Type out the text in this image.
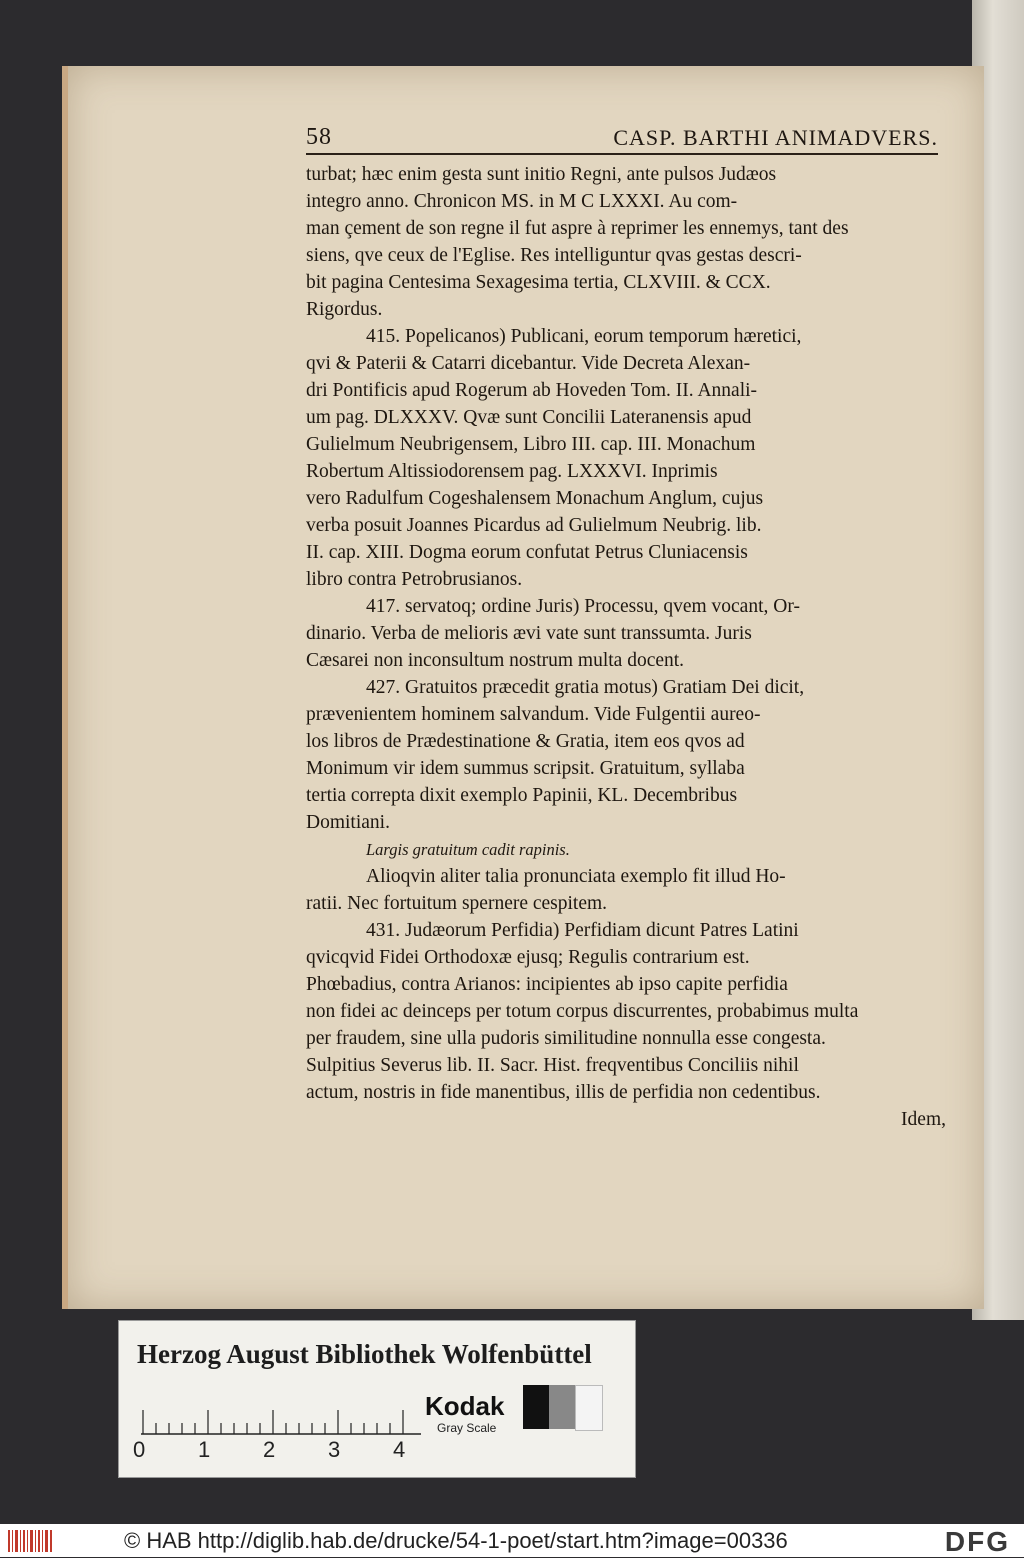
58	CASP. BARTHI ANIMADVERS.

turbat; hæc enim gesta sunt initio Regni, ante pulsos Judæos

integro anno. Chronicon MS. in M C LXXXI. Au com-

man çement de son regne il fut aspre à reprimer les ennemys, tant des

siens, qve ceux de l'Eglise. Res intelliguntur qvas gestas descri-

bit pagina Centesima Sexagesima tertia, CLXVIII. & CCX.

Rigordus.

415. Popelicanos) Publicani, eorum temporum hæretici,

qvi & Paterii & Catarri dicebantur. Vide Decreta Alexan-

dri Pontificis apud Rogerum ab Hoveden Tom. II. Annali-

um pag. DLXXXV. Qvæ sunt Concilii Lateranensis apud

Gulielmum Neubrigensem, Libro III. cap. III. Monachum

Robertum Altissiodorensem pag. LXXXVI. Inprimis

vero Radulfum Cogeshalensem Monachum Anglum, cujus

verba posuit Joannes Picardus ad Gulielmum Neubrig. lib.

II. cap. XIII. Dogma eorum confutat Petrus Cluniacensis

libro contra Petrobrusianos.

417. servatoq; ordine Juris) Processu, qvem vocant, Or-

dinario. Verba de melioris ævi vate sunt transsumta. Juris

Cæsarei non inconsultum nostrum multa docent.

427. Gratuitos præcedit gratia motus) Gratiam Dei dicit,

prævenientem hominem salvandum. Vide Fulgentii aureo-

los libros de Prædestinatione & Gratia, item eos qvos ad

Monimum vir idem summus scripsit. Gratuitum, syllaba

tertia correpta dixit exemplo Papinii, KL. Decembribus

Domitiani.

Largis gratuitum cadit rapinis.

Alioqvin aliter talia pronunciata exemplo fit illud Ho-

ratii. Nec fortuitum spernere cespitem.

431. Judæorum Perfidia) Perfidiam dicunt Patres Latini

qvicqvid Fidei Orthodoxæ ejusq; Regulis contrarium est.

Phœbadius, contra Arianos: incipientes ab ipso capite perfidia

non fidei ac deinceps per totum corpus discurrentes, probabimus multa

per fraudem, sine ulla pudoris similitudine nonnulla esse congesta.

Sulpitius Severus lib. II. Sacr. Hist. freqventibus Conciliis nihil

actum, nostris in fide manentibus, illis de perfidia non cedentibus.

Idem,

Herzog August Bibliothek Wolfenbüttel
0 1 2 3 4
Kodak
Gray Scale
© HAB http://diglib.hab.de/drucke/54-1-poet/start.htm?image=00336	DFG
